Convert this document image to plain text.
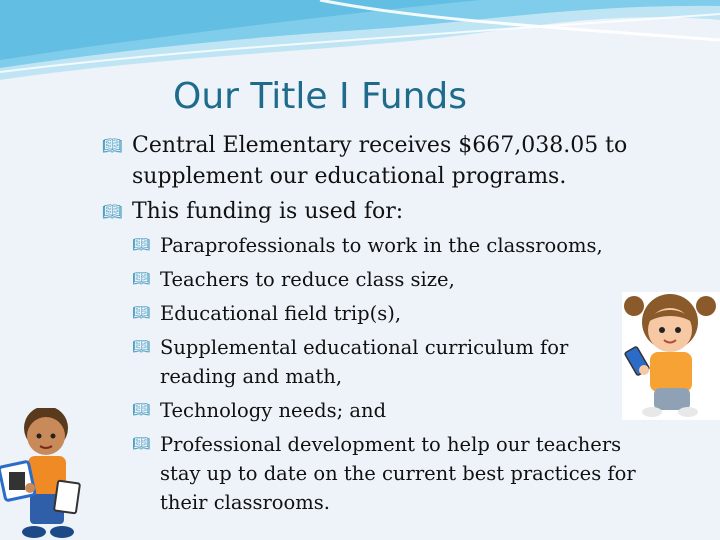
Our Title I Funds
📖︎ Central Elementary receives $667,038.05 to supplement our educational programs.
📖︎ This funding is used for:
📖︎ Paraprofessionals to work in the classrooms,
📖︎ Teachers to reduce class size,
📖︎ Educational field trip(s),
📖︎ Supplemental educational curriculum for reading and math,
📖︎ Technology needs; and
📖︎ Professional development to help our teachers stay up to date on the current best practices for their classrooms.
